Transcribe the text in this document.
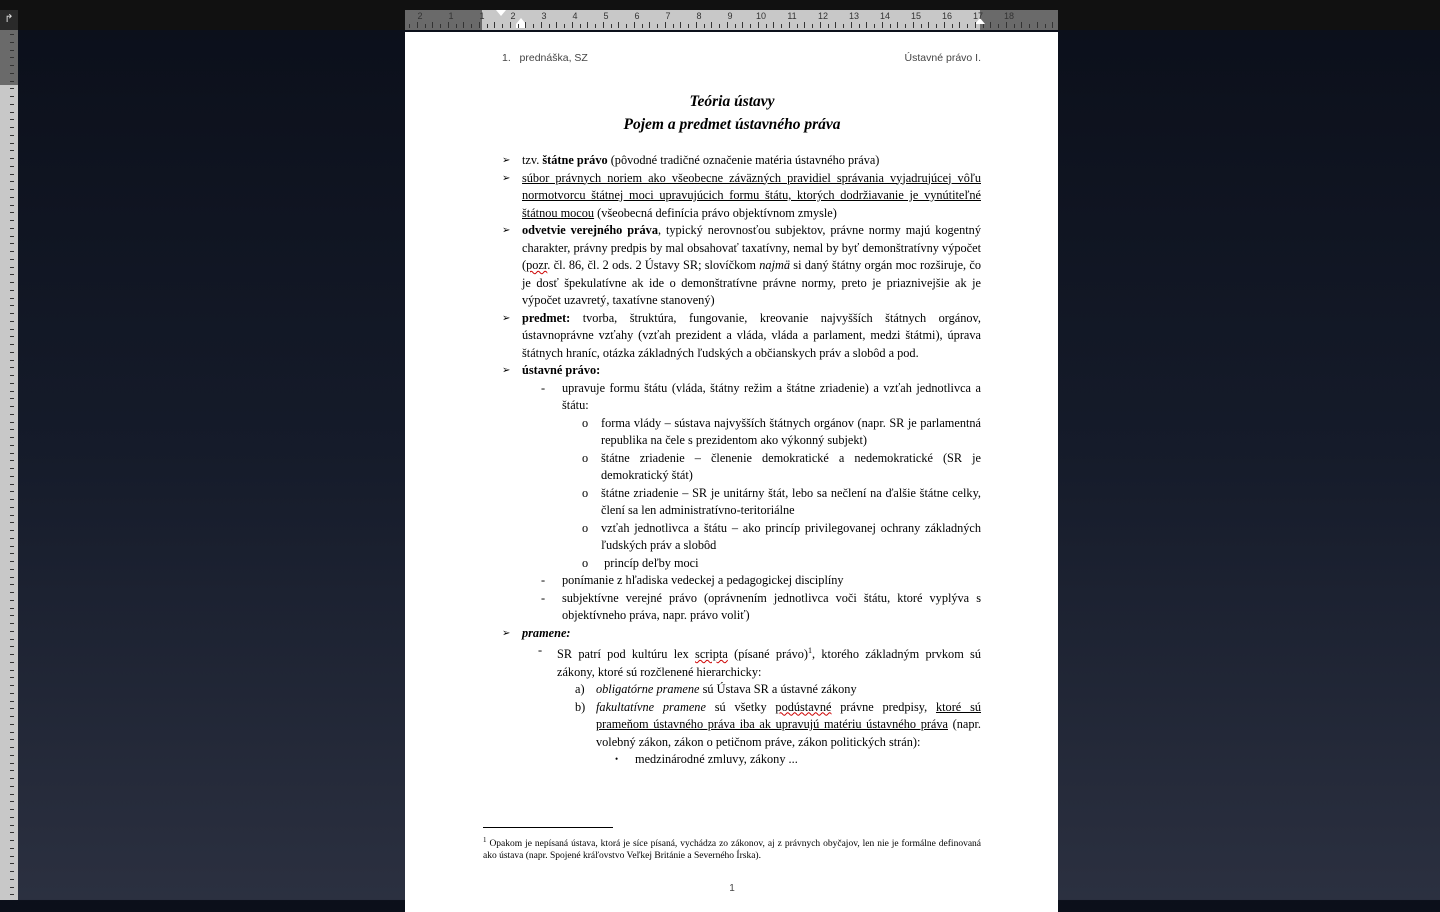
↱	2	1	1	2	3	4	5	6	7	8	9	10 11 12 13 14 15 16 17 18
1. prednáška, SZ	Ústavné právo I.
Teória ústavy
Pojem a predmet ústavného práva
➢ tzv. štátne právo (pôvodné tradičné označenie matéria ústavného práva)
➢ súbor právnych noriem ako všeobecne záväzných pravidiel správania vyjadrujúcej vôľu normotvorcu štátnej moci upravujúcich formu štátu, ktorých dodržiavanie je vynútiteľné štátnou mocou (všeobecná definícia právo objektívnom zmysle)
➢ odvetvie verejného práva, typický nerovnosťou subjektov, právne normy majú kogentný charakter, právny predpis by mal obsahovať taxatívny, nemal by byť demonštratívny výpočet (pozr. čl. 86, čl. 2 ods. 2 Ústavy SR; slovíčkom najmä si daný štátny orgán moc rozširuje, čo je dosť špekulatívne ak ide o demonštratívne právne normy, preto je priaznivejšie ak je výpočet uzavretý, taxatívne stanovený)
➢ predmet: tvorba, štruktúra, fungovanie, kreovanie najvyšších štátnych orgánov, ústavnoprávne vzťahy (vzťah prezident a vláda, vláda a parlament, medzi štátmi), úprava štátnych hraníc, otázka základných ľudských a občianskych práv a slobôd a pod.
➢ ústavné právo:
- upravuje formu štátu (vláda, štátny režim a štátne zriadenie) a vzťah jednotlivca a štátu:
o forma vlády – sústava najvyšších štátnych orgánov (napr. SR je parlamentná republika na čele s prezidentom ako výkonný subjekt)
o štátne zriadenie – členenie demokratické a nedemokratické (SR je demokratický štát)
o štátne zriadenie – SR je unitárny štát, lebo sa nečlení na ďalšie štátne celky, člení sa len administratívno-teritoriálne
o vzťah jednotlivca a štátu – ako princíp privilegovanej ochrany základných ľudských práv a slobôd
o princíp deľby moci
- ponímanie z hľadiska vedeckej a pedagogickej disciplíny
- subjektívne verejné právo (oprávnením jednotlivca voči štátu, ktoré vyplýva s objektívneho práva, napr. právo voliť)
➢ pramene:
- SR patrí pod kultúru lex scripta (písané právo)$^1$, ktorého základným prvkom sú zákony, ktoré sú rozčlenené hierarchicky:
a) obligatórne pramene sú Ústava SR a ústavné zákony
b) fakultatívne pramene sú všetky podústavné právne predpisy, ktoré sú prameňom ústavného práva iba ak upravujú matériu ústavného práva (napr. volebný zákon, zákon o petičnom práve, zákon politických strán):
• medzinárodné zmluvy, zákony ...
$^1$ Opakom je nepísaná ústava, ktorá je síce písaná, vychádza zo zákonov, aj z právnych obyčajov, len nie je formálne definovaná ako ústava (napr. Spojené kráľovstvo Veľkej Británie a Severného Írska).
1
